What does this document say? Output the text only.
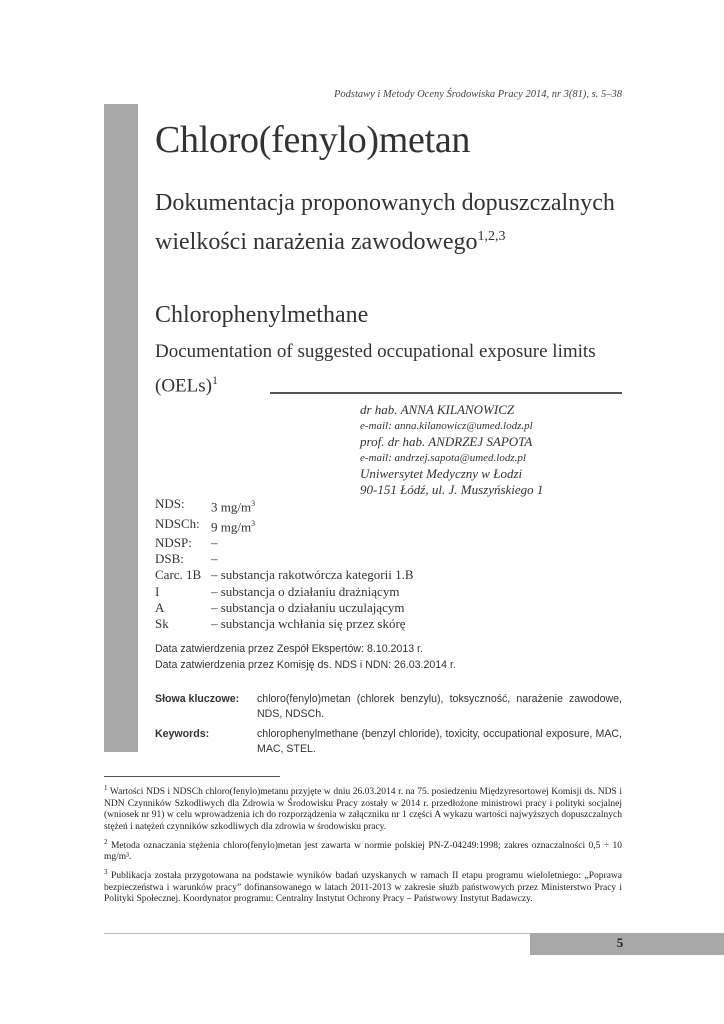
Podstawy i Metody Oceny Środowiska Pracy 2014, nr 3(81), s. 5–38
Chloro(fenylo)metan
Dokumentacja proponowanych dopuszczalnych wielkości narażenia zawodowego$^{1,2,3}$
Chlorophenylmethane
Documentation of suggested occupational exposure limits (OELs)$^1$
dr hab. ANNA KILANOWICZ
e-mail: anna.kilanowicz@umed.lodz.pl
prof. dr hab. ANDRZEJ SAPOTA
e-mail: andrzej.sapota@umed.lodz.pl
Uniwersytet Medyczny w Łodzi
90-151 Łódź, ul. J. Muszyńskiego 1
NDS:	3 $mg/m^3$
NDSCh: 9 $mg/m^3$
NDSP:	–
DSB:	–
Carc. 1B – substancja rakotwórcza kategorii 1.B
I	– substancja o działaniu drażniącym
A	– substancja o działaniu uczulającym
Sk	– substancja wchłania się przez skórę
Data zatwierdzenia przez Zespół Ekspertów: 8.10.2013 r.
Data zatwierdzenia przez Komisję ds. NDS i NDN: 26.03.2014 r.
Słowa kluczowe:	chloro(fenylo)metan (chlorek benzylu), toksyczność, narażenie zawodowe, NDS, NDSCh.
Keywords:	chlorophenylmethane (benzyl chloride), toxicity, occupational exposure, MAC, MAC, STEL.

$^1$ Wartości NDS i NDSCh chloro(fenylo)metanu przyjęte w dniu 26.03.2014 r. na 75. posiedzeniu Międzyresortowej Komisji ds. NDS i NDN Czynników Szkodliwych dla Zdrowia w Środowisku Pracy zostały w 2014 r. przedłożone ministrowi pracy i polityki socjalnej (wniosek nr 91) w celu wprowadzenia ich do rozporządzenia w załączniku nr 1 części A wykazu wartości najwyższych dopuszczalnych stężeń i natężeń czynników szkodliwych dla zdrowia w środowisku pracy.

$^2$ Metoda oznaczania stężenia chloro(fenylo)metan jest zawarta w normie polskiej PN-Z-04249:1998; zakres oznaczalności 0,5 ÷ 10 mg/m³.

$^3$ Publikacja została przygotowana na podstawie wyników badań uzyskanych w ramach II etapu programu wieloletniego: „Poprawa bezpieczeństwa i warunków pracy” dofinansowanego w latach 2011-2013 w zakresie służb państwowych przez Ministerstwo Pracy i Polityki Społecznej. Koordynator programu: Centralny Instytut Ochrony Pracy – Państwowy Instytut Badawczy.

5
